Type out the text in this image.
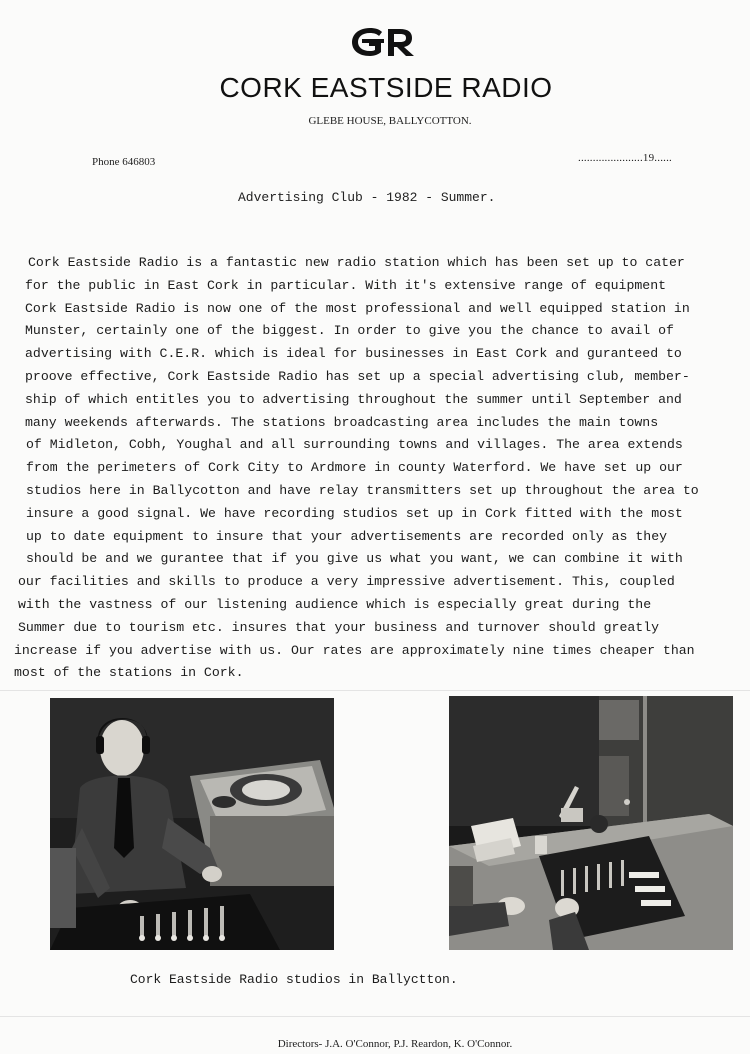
CORK EASTSIDE RADIO
GLEBE HOUSE, BALLYCOTTON.
Phone 646803	......................19......
Advertising Club - 1982 - Summer.
Cork Eastside Radio is a fantastic new radio station which has been set up to cater
for the public in East Cork in particular. With it's extensive range of equipment
Cork Eastside Radio is now one of the most professional and well equipped station in
Munster, certainly one of the biggest. In order to give you the chance to avail of
advertising with C.E.R. which is ideal for businesses in East Cork and guranteed to
proove effective, Cork Eastside Radio has set up a special advertising club, member-
ship of which entitles you to advertising throughout the summer until September and
many weekends afterwards. The stations broadcasting area includes the main towns
of Midleton, Cobh, Youghal and all surrounding towns and villages. The area extends
from the perimeters of Cork City to Ardmore in county Waterford. We have set up our
studios here in Ballycotton and have relay transmitters set up throughout the area to
insure a good signal. We have recording studios set up in Cork fitted with the most
up to date equipment to insure that your advertisements are recorded only as they
should be and we gurantee that if you give us what you want, we can combine it with
our facilities and skills to produce a very impressive advertisement. This, coupled
with the vastness of our listening audience which is especially great during the
Summer due to tourism etc. insures that your business and turnover should greatly
increase if you advertise with us. Our rates are approximately nine times cheaper than
most of the stations in Cork.
Cork Eastside Radio studios in Ballyctton.
Directors- J.A. O'Connor, P.J. Reardon, K. O'Connor.
